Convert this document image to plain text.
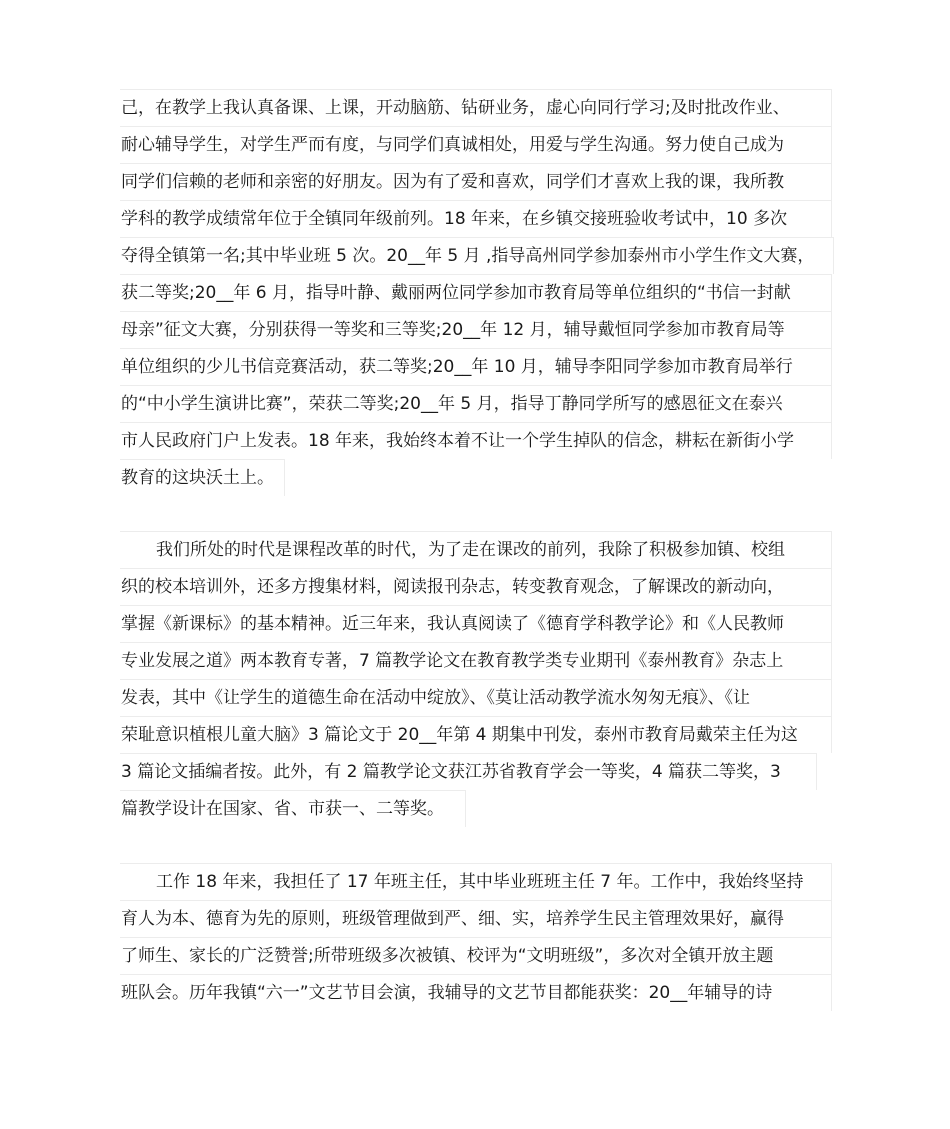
己，在教学上我认真备课、上课，开动脑筋、钻研业务，虚心向同行学习;及时批改作业、
耐心辅导学生，对学生严而有度，与同学们真诚相处，用爱与学生沟通。努力使自己成为
同学们信赖的老师和亲密的好朋友。因为有了爱和喜欢，同学们才喜欢上我的课，我所教
学科的教学成绩常年位于全镇同年级前列。18 年来，在乡镇交接班验收考试中，10 多次
夺得全镇第一名;其中毕业班 5 次。20__年 5 月 ,指导高州同学参加泰州市小学生作文大赛，
获二等奖;20__年 6 月，指导叶静、戴丽两位同学参加市教育局等单位组织的“书信一封献
母亲”征文大赛，分别获得一等奖和三等奖;20__年 12 月，辅导戴恒同学参加市教育局等
单位组织的少儿书信竞赛活动，获二等奖;20__年 10 月，辅导李阳同学参加市教育局举行
的“中小学生演讲比赛”，荣获二等奖;20__年 5 月，指导丁静同学所写的感恩征文在泰兴
市人民政府门户上发表。18 年来，我始终本着不让一个学生掉队的信念，耕耘在新街小学
教育的这块沃土上。
我们所处的时代是课程改革的时代，为了走在课改的前列，我除了积极参加镇、校组
织的校本培训外，还多方搜集材料，阅读报刊杂志，转变教育观念，了解课改的新动向，
掌握《新课标》的基本精神。近三年来，我认真阅读了《德育学科教学论》和《人民教师
专业发展之道》两本教育专著，7 篇教学论文在教育教学类专业期刊《泰州教育》杂志上
发表，其中《让学生的道德生命在活动中绽放》、《莫让活动教学流水匆匆无痕》、《让
荣耻意识植根儿童大脑》3 篇论文于 20__年第 4 期集中刊发，泰州市教育局戴荣主任为这
3 篇论文插编者按。此外，有 2 篇教学论文获江苏省教育学会一等奖，4 篇获二等奖，3
篇教学设计在国家、省、市获一、二等奖。
工作 18 年来，我担任了 17 年班主任，其中毕业班班主任 7 年。工作中，我始终坚持
育人为本、德育为先的原则，班级管理做到严、细、实，培养学生民主管理效果好，赢得
了师生、家长的广泛赞誉;所带班级多次被镇、校评为“文明班级”，多次对全镇开放主题
班队会。历年我镇“六一”文艺节目会演，我辅导的文艺节目都能获奖：20__年辅导的诗
